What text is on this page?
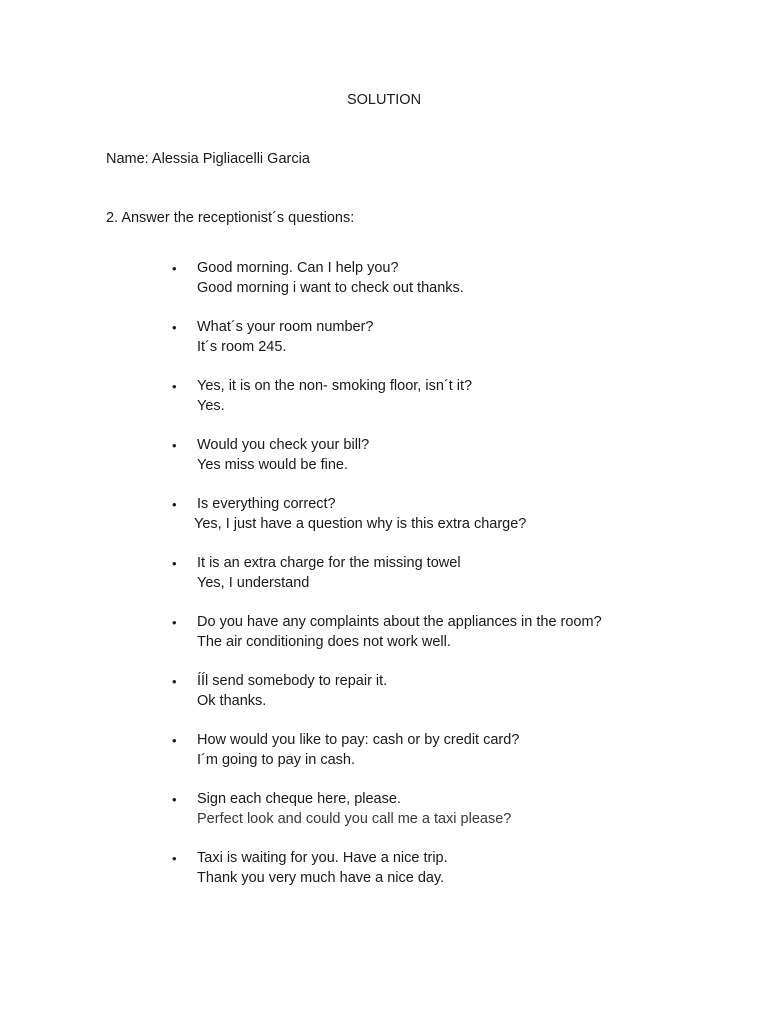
SOLUTION
Name: Alessia Pigliacelli Garcia
2. Answer the receptionist´s questions:
• Good morning. Can I help you?
Good morning i want to check out thanks.
• What´s your room number?
It´s room 245.
• Yes, it is on the non- smoking floor, isn´t it?
Yes.
• Would you check your bill?
Yes miss would be fine.
• Is everything correct?
Yes, I just have a question why is this extra charge?
• It is an extra charge for the missing towel
Yes, I understand
• Do you have any complaints about the appliances in the room?
The air conditioning does not work well.
• ÍÍl send somebody to repair it.
Ok thanks.
• How would you like to pay: cash or by credit card?
I´m going to pay in cash.
• Sign each cheque here, please.
Perfect look and could you call me a taxi please?
• Taxi is waiting for you. Have a nice trip.
Thank you very much have a nice day.
